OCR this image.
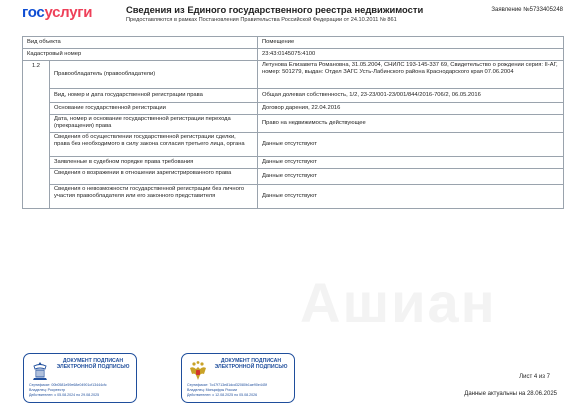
госуслуги	Сведения из Единого государственного реестра недвижимости
Предоставляются в рамках Постановления Правительства Российской Федерации от 24.10.2011 № 861
Заявление №5733405248
Ашиан
Вид объекта		Помещение
Кадастровый номер		23:43:0145075:4100
1.2	Правообладатель (правообладатели)	Летунова Елизавета Романовна, 31.05.2004, СНИЛС 193-145-337 69, Свидетельство о рождении серия: II-АГ, номер: 501279, выдан: Отдел ЗАГС Усть-Лабинского района Краснодарского края 07.06.2004
	Вид, номер и дата государственной регистрации права	Общая долевая собственность, 1/2, 23-23/001-23/001/844/2016-706/2, 06.05.2016
	Основание государственной регистрации	Договор дарения, 22.04.2016
	Дата, номер и основание государственной регистрации перехода (прекращения) права	Право на недвижимость действующее
	Сведения об осуществлении государственной регистрации сделки, права без необходимого в силу закона согласия третьего лица, органа	Данные отсутствуют
	Заявленные в судебном порядке права требования	Данные отсутствуют
	Сведения о возражении в отношении зарегистрированного права	Данные отсутствуют
	Сведения о невозможности государственной регистрации без личного участия правообладателя или его законного представителя	Данные отсутствуют
ДОКУМЕНТ ПОДПИСАН ЭЛЕКТРОННОЙ ПОДПИСЬЮ
Сертификат: 00b0581e59e68e04901cf13444cfc
Владелец: Росреестр
Действителен: с 05.08.2024 по 29.08.2025
ДОКУМЕНТ ПОДПИСАН ЭЛЕКТРОННОЙ ПОДПИСЬЮ
Сертификат: 7c47f713e81dcd32080b1ae90e445f
Владелец: Минцифры России
Действителен: с 12.08.2025 по 05.08.2026
Лист 4 из 7
Данные актуальны на 28.06.2025
